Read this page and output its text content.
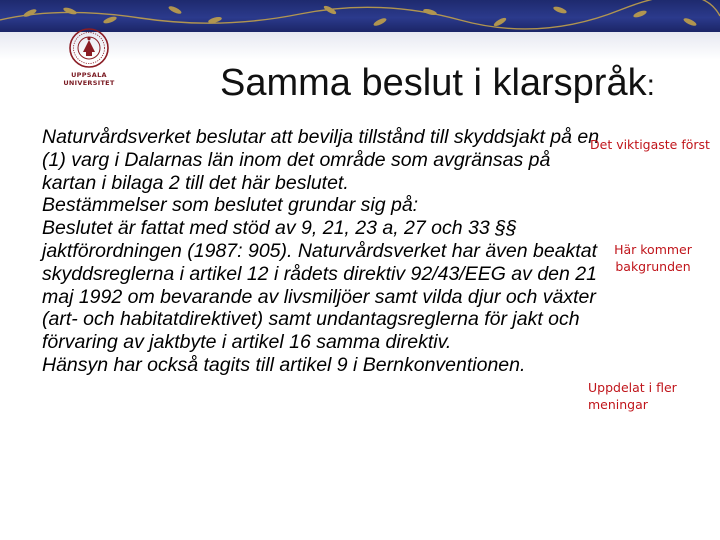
UPPSALA
UNIVERSITET	Samma beslut i klarspråk:

Naturvårdsverket beslutar att bevilja tillstånd till skyddsjakt på en (1) varg i Dalarnas län inom det område som avgränsas på kartan i bilaga 2 till det här beslutet.

Bestämmelser som beslutet grundar sig på:

Beslutet är fattat med stöd av 9, 21, 23 a, 27 och 33 §§ jaktförordningen (1987: 905). Naturvårdsverket har även beaktat skyddsreglerna i artikel 12 i rådets direktiv 92/43/EEG av den 21 maj 1992 om bevarande av livsmiljöer samt vilda djur och växter (art- och habitatdirektivet) samt undantagsreglerna för jakt och förvaring av jaktbyte i artikel 16 samma direktiv.

Hänsyn har också tagits till artikel 9 i Bernkonventionen.

Det viktigaste först
Här kommer bakgrunden
Uppdelat i fler meningar
